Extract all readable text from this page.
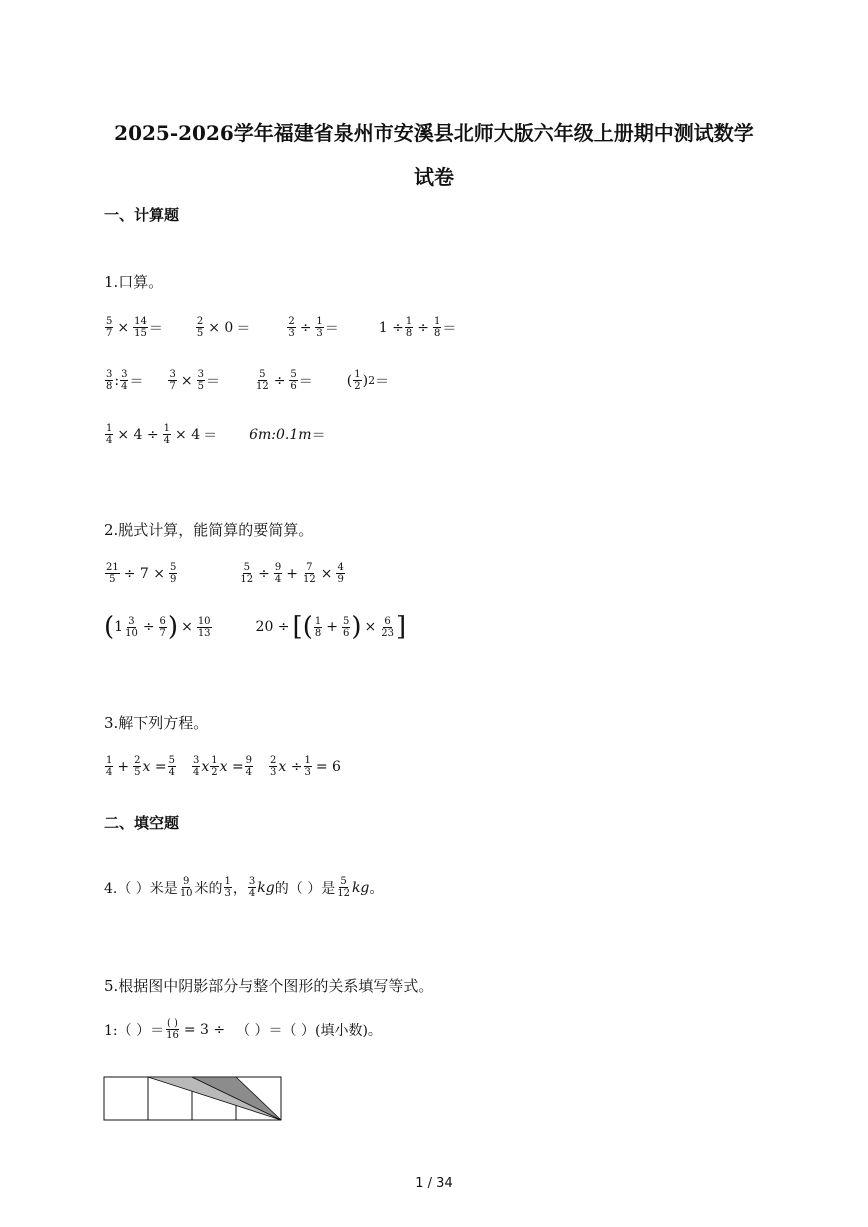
2025-2026学年福建省泉州市安溪县北师大版六年级上册期中测试数学
试卷
一、计算题
1.口算。
$\frac{5}{7} \times \frac{14}{15}$ ＝	$\frac{2}{5} \times 0$ ＝	$\frac{2}{3} \div \frac{1}{3}$ ＝	$1 \div \frac{1}{8} \div \frac{1}{8}$ ＝
$\frac{3}{8}$ : $\frac{3}{4}$ ＝	$\frac{3}{7} \times \frac{3}{5}$ ＝	$\frac{5}{12} \div \frac{5}{6}$ ＝ ( $\frac{1}{2}$ ) 2 ＝
$\frac{1}{4} \times 4 \div \frac{1}{4} \times 4$ ＝ 6m:0.1m ＝
2.脱式计算，能简算的要简算。
$\frac{21}{5} \div 7 \times \frac{5}{9}$	$\frac{5}{12} \div \frac{9}{4} + \frac{7}{12} \times \frac{4}{9}$
( $1 \frac{3}{10} \div \frac{6}{7}$ ) × $\frac{10}{13}$	20 ÷ [( $\frac{1}{8} + \frac{5}{6}$ ) × $\frac{6}{23}$ ]
3.解下列方程。
$\frac{1}{4} + \frac{2}{5}$ $x = \frac{5}{4} \frac{3}{4}$ x $\frac{1}{2}$ $x = \frac{9}{4} \frac{2}{3}$ $x \div \frac{1}{3} = 6$
二、填空题
4.（ ）米是 $\frac{9}{10}$ 米的 $\frac{1}{3}$ ， $\frac{3}{4}$ kg 的（ ）是 $\frac{5}{12}$ kg 。
5.根据图中阴影部分与整个图形的关系填写等式。
1:（ ）＝ $\frac{( )}{16} = 3$ ÷ （ ）＝（ ）(填小数)。
1 / 34
